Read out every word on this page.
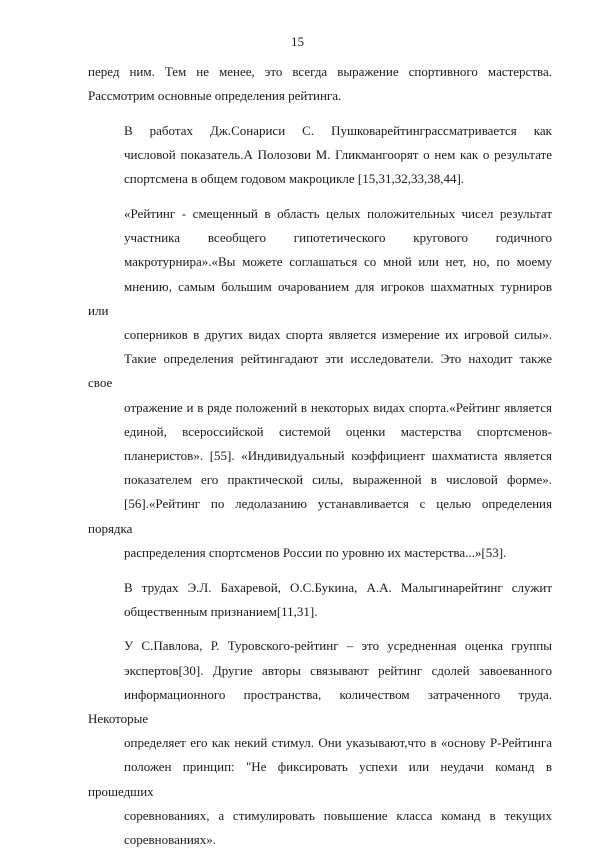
15
перед ним. Тем не менее, это всегда выражение спортивного мастерства.
Рассмотрим основные определения рейтинга.
В работах Дж.Сонариси С. Пушковарейтинграссматривается как
числовой показатель.А Полозови М. Гликмангоорят о нем как о результате
спортсмена в общем годовом макроцикле [15,31,32,33,38,44].
«Рейтинг - смещенный в область целых положительных чисел результат
участника всеобщего гипотетического кругового годичного
макротурнира».«Вы можете соглашаться со мной или нет, но, по моему
мнению, самым большим очарованием для игроков шахматных турниров или
соперников в других видах спорта является измерение их игровой силы».
Такие определения рейтингадают эти исследователи. Это находит также свое
отражение и в ряде положений в некоторых видах спорта.«Рейтинг является
единой, всероссийской системой оценки мастерства спортсменов-
планеристов». [55]. «Индивидуальный коэффициент шахматиста является
показателем его практической силы, выраженной в числовой форме».
[56].«Рейтинг по ледолазанию устанавливается с целью определения порядка
распределения спортсменов России по уровню их мастерства...»[53].
В трудах Э.Л. Бахаревой, О.С.Букина, А.А. Малыгинарейтинг служит
общественным признанием[11,31].
У С.Павлова, Р. Туровского-рейтинг – это усредненная оценка группы
экспертов[30]. Другие авторы связывают рейтинг сдолей завоеванного
информационного пространства, количеством затраченного труда. Некоторые
определяет его как некий стимул. Они указывают,что в «основу Р-Рейтинга
положен принцип: "Не фиксировать успехи или неудачи команд в прошедших
соревнованиях, а стимулировать повышение класса команд в текущих
соревнованиях».
